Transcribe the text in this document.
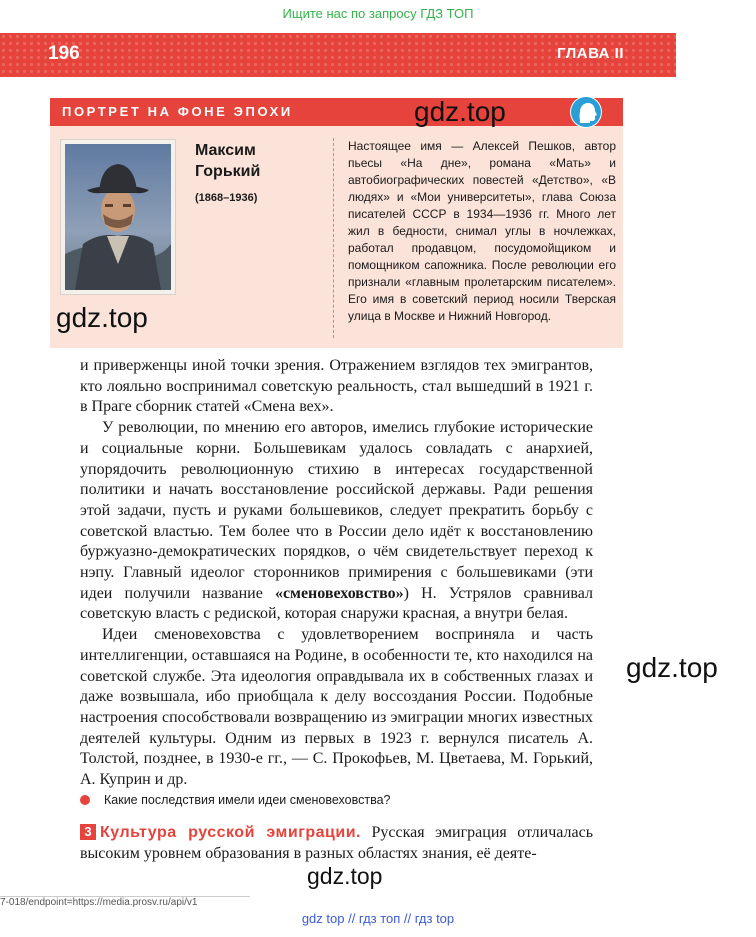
Ищите нас по запросу ГДЗ ТОП
196	ГЛАВА II
ПОРТРЕТ НА ФОНЕ ЭПОХИ
Максим
Горький
(1868–1936)
Настоящее имя — Алексей Пешков, автор пьесы «На дне», романа «Мать» и автобиографических повестей «Детство», «В людях» и «Мои университеты», глава Союза писателей СССР в 1934—1936 гг. Много лет жил в бедности, снимал углы в ночлежках, работал продавцом, посудомойщиком и помощником сапожника. После революции его признали «главным пролетарским писателем». Его имя в советский период носили Тверская улица в Москве и Нижний Новгород.
gdz.top
gdz.top

и приверженцы иной точки зрения. Отражением взглядов тех эмигрантов, кто лояльно воспринимал советскую реальность, стал вышедший в 1921 г. в Праге сборник статей «Смена вех».

У революции, по мнению его авторов, имелись глубокие исторические и социальные корни. Большевикам удалось совладать с анархией, упорядочить революционную стихию в интересах государственной политики и начать восстановление российской державы. Ради решения этой задачи, пусть и руками большевиков, следует прекратить борьбу с советской властью. Тем более что в России дело идёт к восстановлению буржуазно-демократических порядков, о чём свидетельствует переход к нэпу. Главный идеолог сторонников примирения с большевиками (эти идеи получили название «сменовеховство») Н. Устрялов сравнивал советскую власть с редиской, которая снаружи красная, а внутри белая.

Идеи сменовеховства с удовлетворением восприняла и часть интеллигенции, оставшаяся на Родине, в особенности те, кто находился на советской службе. Эта идеология оправдывала их в собственных глазах и даже возвышала, ибо приобщала к делу воссоздания России. Подобные настроения способствовали возвращению из эмиграции многих известных деятелей культуры. Одним из первых в 1923 г. вернулся писатель А. Толстой, позднее, в 1930-е гг., — С. Прокофьев, М. Цветаева, М. Горький, А. Куприн и др.

gdz.top
Какие последствия имели идеи сменовеховства?
3 Культура русской эмиграции. Русская эмиграция отличалась высоким уровнем образования в разных областях знания, её деяте-
gdz.top
7-018/endpoint=https://media.prosv.ru/api/v1
gdz top // гдз топ // гдз top
